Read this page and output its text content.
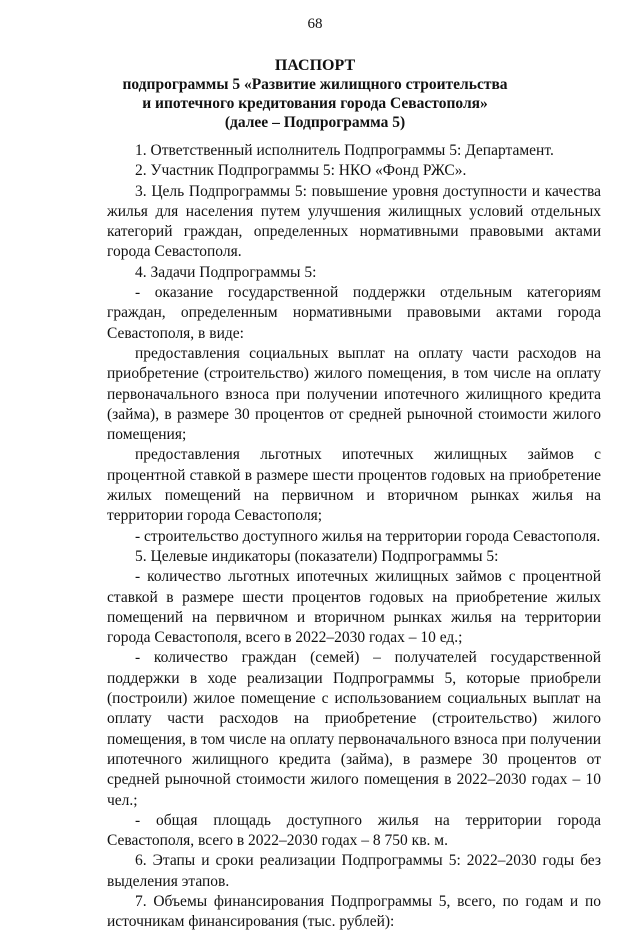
68
ПАСПОРТ
подпрограммы 5 «Развитие жилищного строительства
и ипотечного кредитования города Севастополя»
(далее – Подпрограмма 5)

1. Ответственный исполнитель Подпрограммы 5: Департамент.

2. Участник Подпрограммы 5: НКО «Фонд РЖС».

3. Цель Подпрограммы 5: повышение уровня доступности и качества жилья для населения путем улучшения жилищных условий отдельных категорий граждан, определенных нормативными правовыми актами города Севастополя.

4. Задачи Подпрограммы 5:

- оказание государственной поддержки отдельным категориям граждан, определенным нормативными правовыми актами города Севастополя, в виде:

предоставления социальных выплат на оплату части расходов на приобретение (строительство) жилого помещения, в том числе на оплату первоначального взноса при получении ипотечного жилищного кредита (займа), в размере 30 процентов от средней рыночной стоимости жилого помещения;

предоставления льготных ипотечных жилищных займов с процентной ставкой в размере шести процентов годовых на приобретение жилых помещений на первичном и вторичном рынках жилья на территории города Севастополя;

- строительство доступного жилья на территории города Севастополя.

5. Целевые индикаторы (показатели) Подпрограммы 5:

- количество льготных ипотечных жилищных займов с процентной ставкой в размере шести процентов годовых на приобретение жилых помещений на первичном и вторичном рынках жилья на территории города Севастополя, всего в 2022–2030 годах – 10 ед.;

- количество граждан (семей) – получателей государственной поддержки в ходе реализации Подпрограммы 5, которые приобрели (построили) жилое помещение с использованием социальных выплат на оплату части расходов на приобретение (строительство) жилого помещения, в том числе на оплату первоначального взноса при получении ипотечного жилищного кредита (займа), в размере 30 процентов от средней рыночной стоимости жилого помещения в 2022–2030 годах – 10 чел.;

- общая площадь доступного жилья на территории города Севастополя, всего в 2022–2030 годах – 8 750 кв. м.

6. Этапы и сроки реализации Подпрограммы 5: 2022–2030 годы без выделения этапов.

7. Объемы финансирования Подпрограммы 5, всего, по годам и по источникам финансирования (тыс. рублей):
